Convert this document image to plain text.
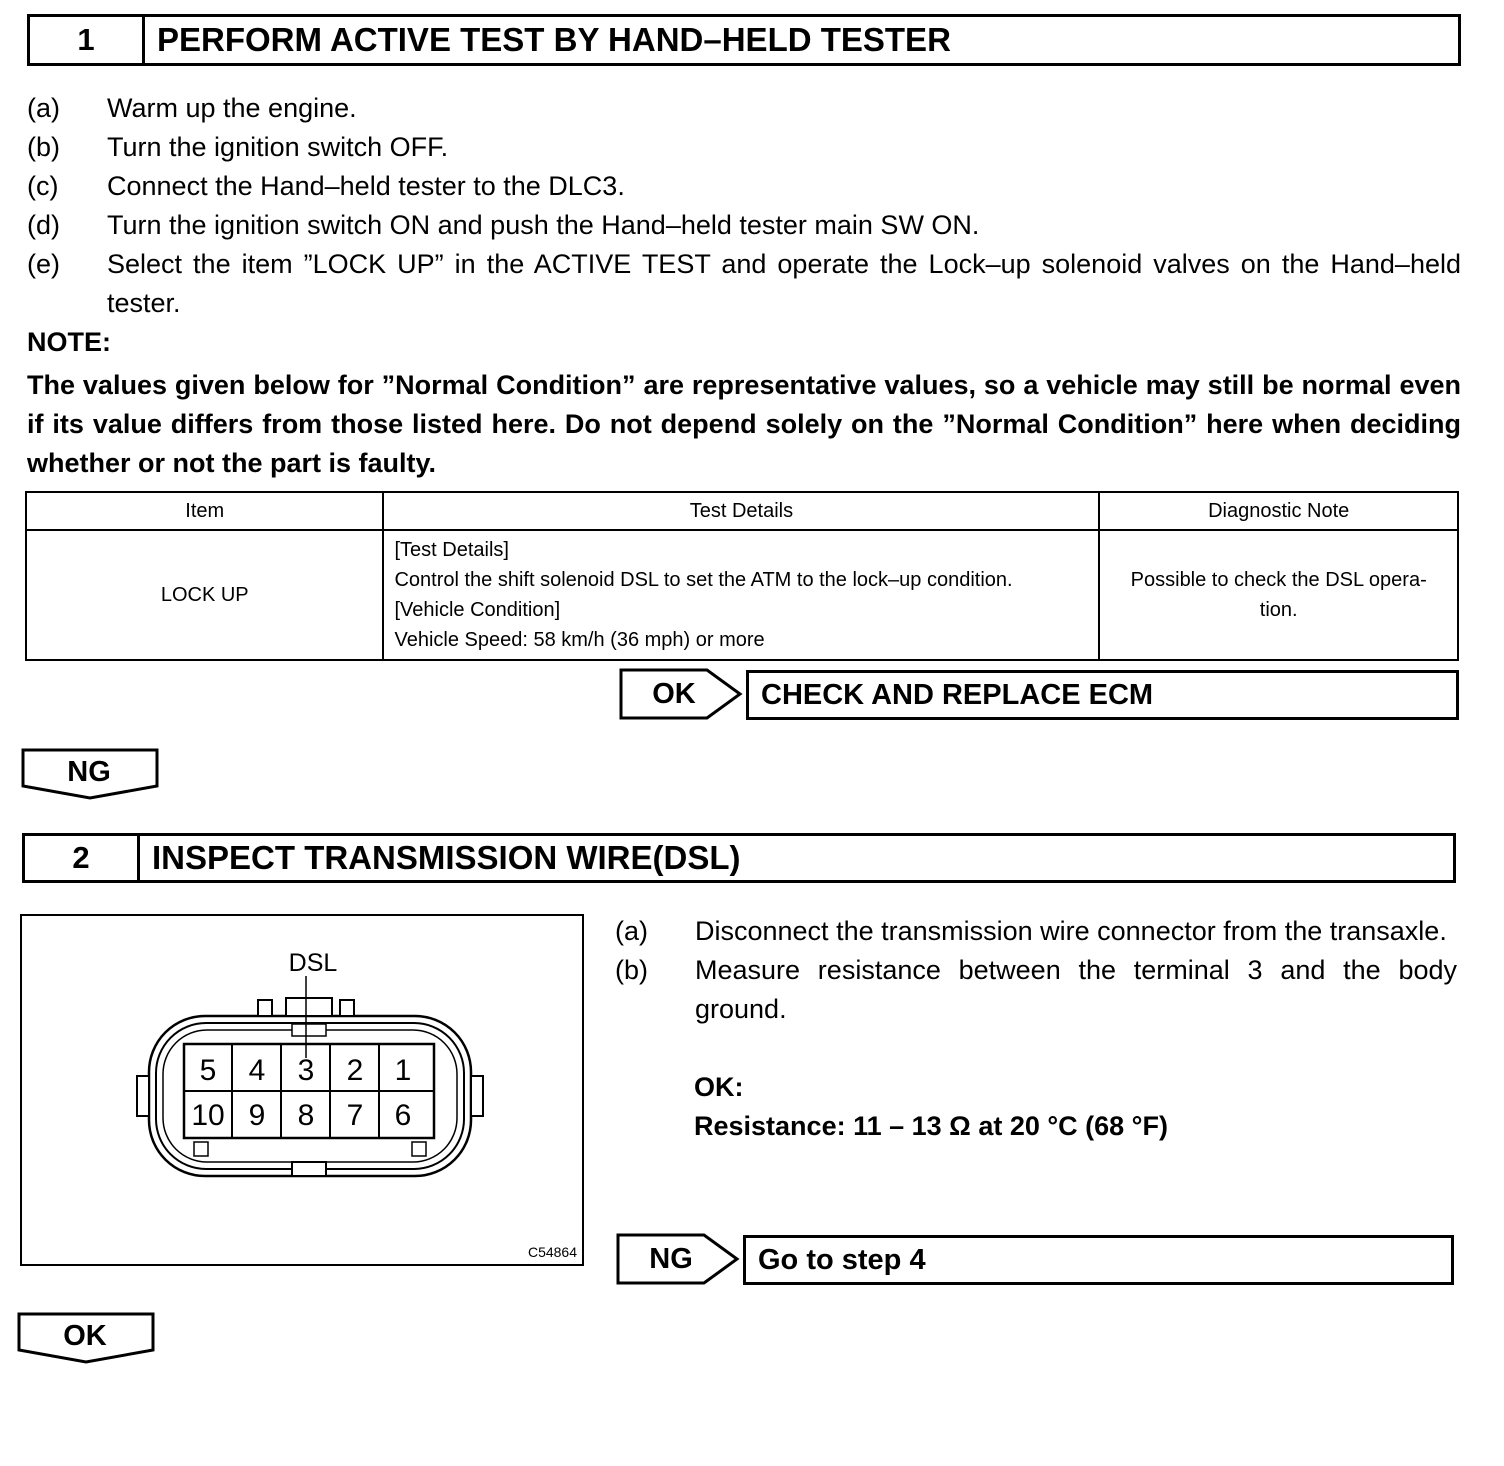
1	PERFORM ACTIVE TEST BY HAND–HELD TESTER
(a)	Warm up the engine.
(b)	Turn the ignition switch OFF.
(c)	Connect the Hand–held tester to the DLC3.
(d)	Turn the ignition switch ON and push the Hand–held tester main SW ON.
(e)	Select the item ”LOCK UP” in the ACTIVE TEST and operate the Lock–up solenoid valves on the Hand–held tester.
NOTE:
The values given below for ”Normal Condition” are representative values, so a vehicle may still be normal even if its value differs from those listed here. Do not depend solely on the ”Normal Condition” here when deciding whether or not the part is faulty.
Item	Test Details	Diagnostic Note
LOCK UP	[Test Details]
Control the shift solenoid DSL to set the ATM to the lock–up condition.
[Vehicle Condition]
Vehicle Speed: 58 km/h (36 mph) or more	Possible to check the DSL opera-tion.
OK	CHECK AND REPLACE ECM
NG
2	INSPECT TRANSMISSION WIRE(DSL)
DSL
5 4 3 2 1
10 9 8 7 6
C54864
(a)	Disconnect the transmission wire connector from the transaxle.
(b)	Measure resistance between the terminal 3 and the body ground.
OK:
Resistance: 11 – 13 Ω at 20 °C (68 °F)
NG	Go to step 4
OK
